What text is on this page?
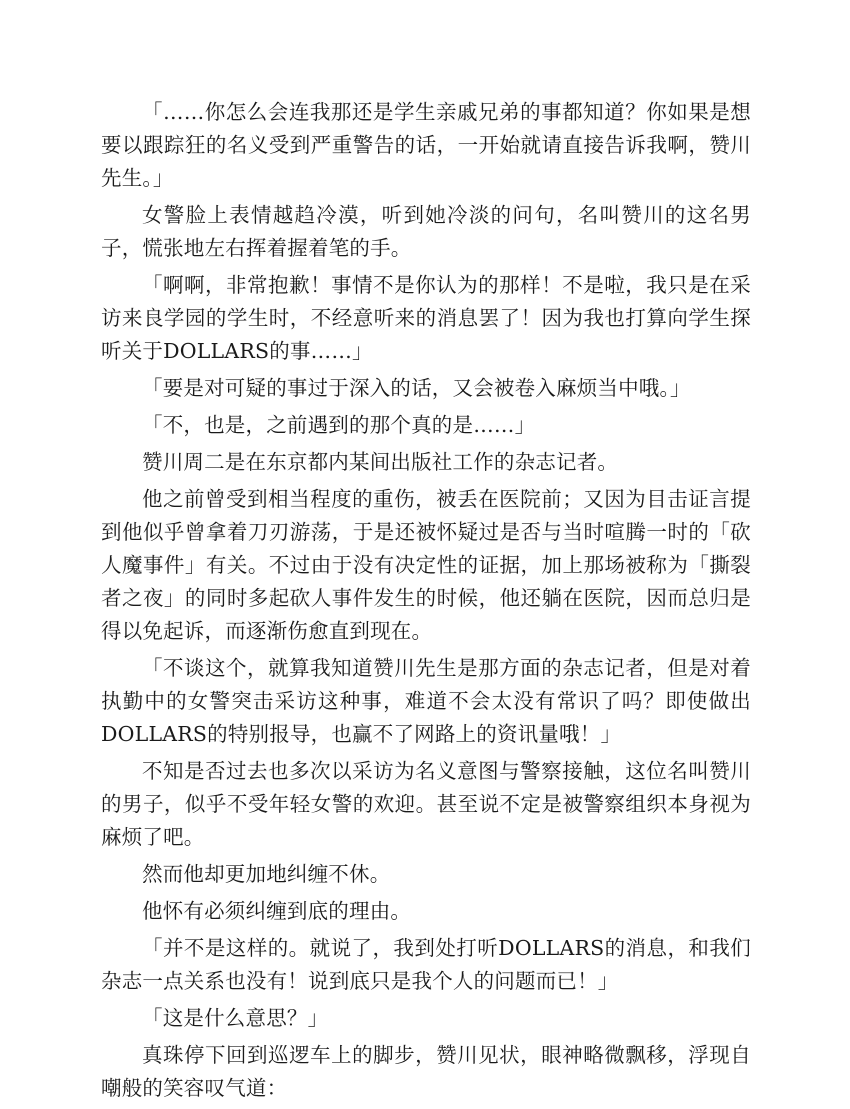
「……你怎么会连我那还是学生亲戚兄弟的事都知道？你如果是想要以跟踪狂的名义受到严重警告的话，一开始就请直接告诉我啊，赞川先生。」

女警脸上表情越趋冷漠，听到她冷淡的问句，名叫赞川的这名男子，慌张地左右挥着握着笔的手。

「啊啊，非常抱歉！事情不是你认为的那样！不是啦，我只是在采访来良学园的学生时，不经意听来的消息罢了！因为我也打算向学生探听关于DOLLARS的事……」

「要是对可疑的事过于深入的话，又会被卷入麻烦当中哦。」

「不，也是，之前遇到的那个真的是……」

赞川周二是在东京都内某间出版社工作的杂志记者。

他之前曾受到相当程度的重伤，被丢在医院前；又因为目击证言提到他似乎曾拿着刀刃游荡，于是还被怀疑过是否与当时喧腾一时的「砍人魔事件」有关。不过由于没有决定性的证据，加上那场被称为「撕裂者之夜」的同时多起砍人事件发生的时候，他还躺在医院，因而总归是得以免起诉，而逐渐伤愈直到现在。

「不谈这个，就算我知道赞川先生是那方面的杂志记者，但是对着执勤中的女警突击采访这种事，难道不会太没有常识了吗？即使做出DOLLARS的特别报导，也赢不了网路上的资讯量哦！」

不知是否过去也多次以采访为名义意图与警察接触，这位名叫赞川的男子，似乎不受年轻女警的欢迎。甚至说不定是被警察组织本身视为麻烦了吧。

然而他却更加地纠缠不休。

他怀有必须纠缠到底的理由。

「并不是这样的。就说了，我到处打听DOLLARS的消息，和我们杂志一点关系也没有！说到底只是我个人的问题而已！」

「这是什么意思？」

真珠停下回到巡逻车上的脚步，赞川见状，眼神略微飘移，浮现自嘲般的笑容叹气道：
